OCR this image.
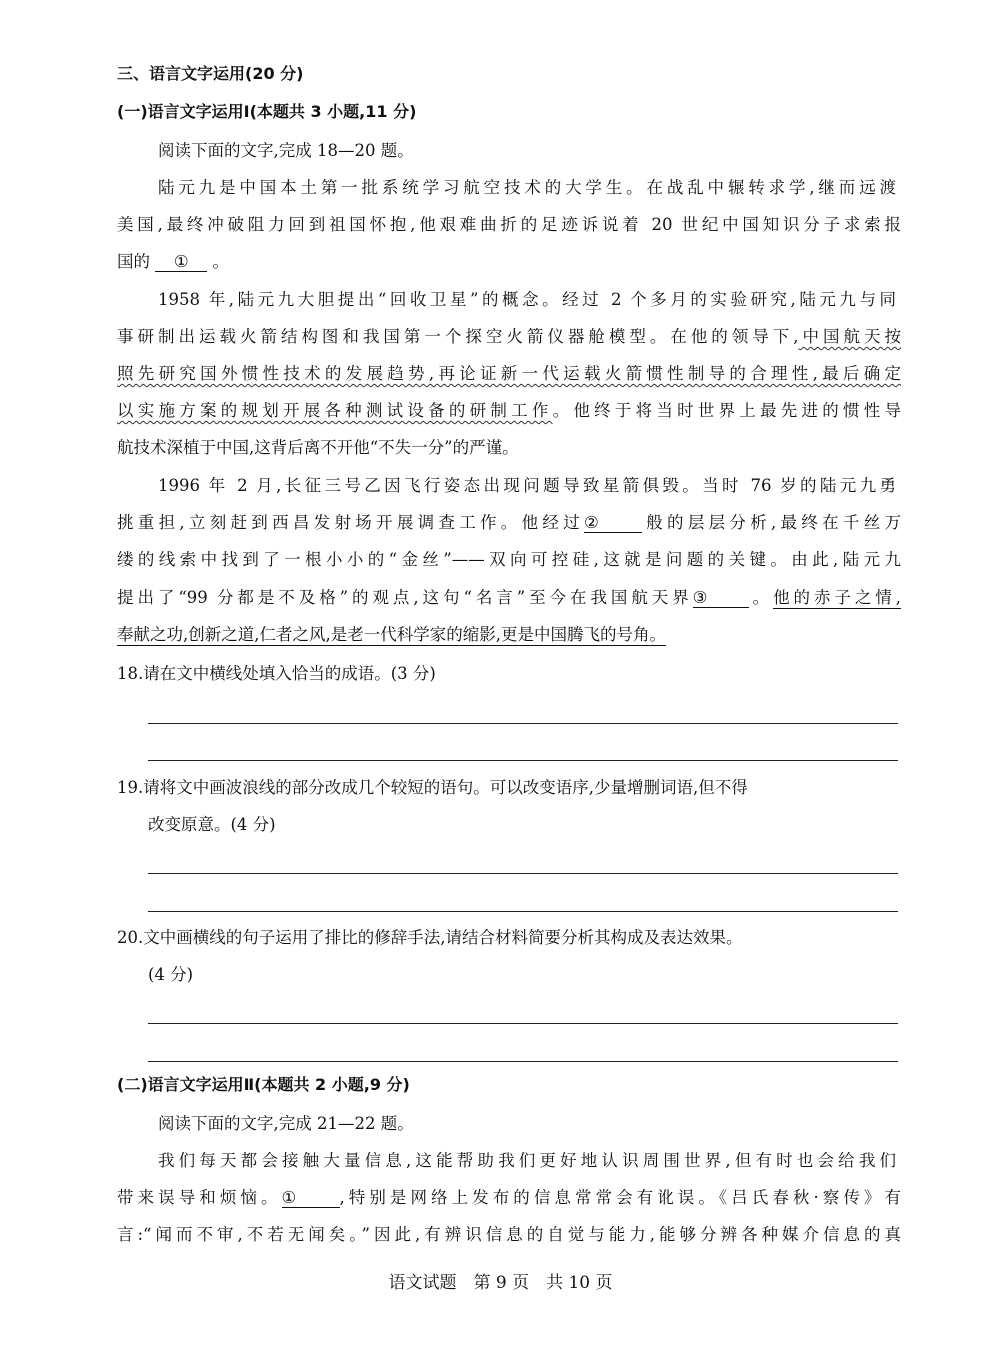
三、语言文字运用(20 分)
(一)语言文字运用Ⅰ(本题共 3 小题,11 分)
阅读下面的文字,完成 18—20 题。
陆元九是中国本土第一批系统学习航空技术的大学生。在战乱中辗转求学,继而远渡
美国,最终冲破阻力回到祖国怀抱,他艰难曲折的足迹诉说着 20 世纪中国知识分子求索报
国的 ① 。
1958 年,陆元九大胆提出“回收卫星”的概念。经过 2 个多月的实验研究,陆元九与同
事研制出运载火箭结构图和我国第一个探空火箭仪器舱模型。在他的领导下,中国航天按
照先研究国外惯性技术的发展趋势,再论证新一代运载火箭惯性制导的合理性,最后确定
以实施方案的规划开展各种测试设备的研制工作。他终于将当时世界上最先进的惯性导
航技术深植于中国,这背后离不开他“不失一分”的严谨。
1996 年 2 月,长征三号乙因飞行姿态出现问题导致星箭俱毁。当时 76 岁的陆元九勇
挑重担,立刻赶到西昌发射场开展调查工作。他经过②	般的层层分析,最终在千丝万
缕的线索中找到了一根小小的“金丝”——双向可控硅,这就是问题的关键。由此,陆元九
提出了“99 分都是不及格”的观点,这句“名言”至今在我国航天界③ 。他的赤子之情,
奉献之功,创新之道,仁者之风,是老一代科学家的缩影,更是中国腾飞的号角。
18.请在文中横线处填入恰当的成语。(3 分)
19.请将文中画波浪线的部分改成几个较短的语句。可以改变语序,少量增删词语,但不得
改变原意。(4 分)
20.文中画横线的句子运用了排比的修辞手法,请结合材料简要分析其构成及表达效果。
(4 分)
(二)语言文字运用Ⅱ(本题共 2 小题,9 分)
阅读下面的文字,完成 21—22 题。
我们每天都会接触大量信息,这能帮助我们更好地认识周围世界,但有时也会给我们
带来误导和烦恼。①	,特别是网络上发布的信息常常会有讹误。《吕氏春秋·察传》有
言:“闻而不审,不若无闻矣。”因此,有辨识信息的自觉与能力,能够分辨各种媒介信息的真
语文试题　第 9 页　共 10 页
